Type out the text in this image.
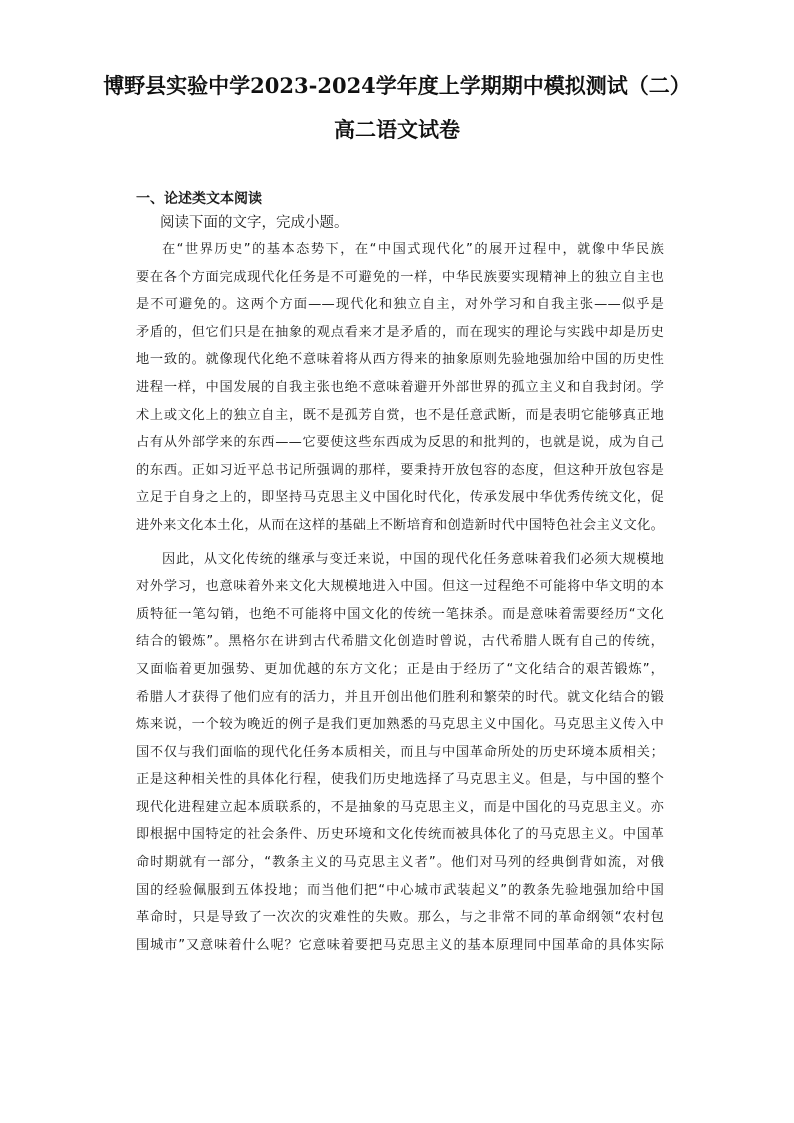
博野县实验中学2023-2024学年度上学期期中模拟测试（二）
高二语文试卷
一、论述类文本阅读
阅读下面的文字，完成小题。
在“世界历史”的基本态势下，在“中国式现代化”的展开过程中，就像中华民族
要在各个方面完成现代化任务是不可避免的一样，中华民族要实现精神上的独立自主也
是不可避免的。这两个方面——现代化和独立自主，对外学习和自我主张——似乎是
矛盾的，但它们只是在抽象的观点看来才是矛盾的，而在现实的理论与实践中却是历史
地一致的。就像现代化绝不意味着将从西方得来的抽象原则先验地强加给中国的历史性
进程一样，中国发展的自我主张也绝不意味着避开外部世界的孤立主义和自我封闭。学
术上或文化上的独立自主，既不是孤芳自赏，也不是任意武断，而是表明它能够真正地
占有从外部学来的东西——它要使这些东西成为反思的和批判的，也就是说，成为自己
的东西。正如习近平总书记所强调的那样，要秉持开放包容的态度，但这种开放包容是
立足于自身之上的，即坚持马克思主义中国化时代化，传承发展中华优秀传统文化，促
进外来文化本土化，从而在这样的基础上不断培育和创造新时代中国特色社会主义文化。
因此，从文化传统的继承与变迁来说，中国的现代化任务意味着我们必须大规模地
对外学习，也意味着外来文化大规模地进入中国。但这一过程绝不可能将中华文明的本
质特征一笔勾销，也绝不可能将中国文化的传统一笔抹杀。而是意味着需要经历“文化
结合的锻炼”。黑格尔在讲到古代希腊文化创造时曾说，古代希腊人既有自己的传统，
又面临着更加强势、更加优越的东方文化；正是由于经历了“文化结合的艰苦锻炼”，
希腊人才获得了他们应有的活力，并且开创出他们胜利和繁荣的时代。就文化结合的锻
炼来说，一个较为晚近的例子是我们更加熟悉的马克思主义中国化。马克思主义传入中
国不仅与我们面临的现代化任务本质相关，而且与中国革命所处的历史环境本质相关；
正是这种相关性的具体化行程，使我们历史地选择了马克思主义。但是，与中国的整个
现代化进程建立起本质联系的，不是抽象的马克思主义，而是中国化的马克思主义。亦
即根据中国特定的社会条件、历史环境和文化传统而被具体化了的马克思主义。中国革
命时期就有一部分，“教条主义的马克思主义者”。他们对马列的经典倒背如流，对俄
国的经验佩服到五体投地；而当他们把“中心城市武装起义”的教条先验地强加给中国
革命时，只是导致了一次次的灾难性的失败。那么，与之非常不同的革命纲领“农村包
围城市”又意味着什么呢？它意味着要把马克思主义的基本原理同中国革命的具体实际
